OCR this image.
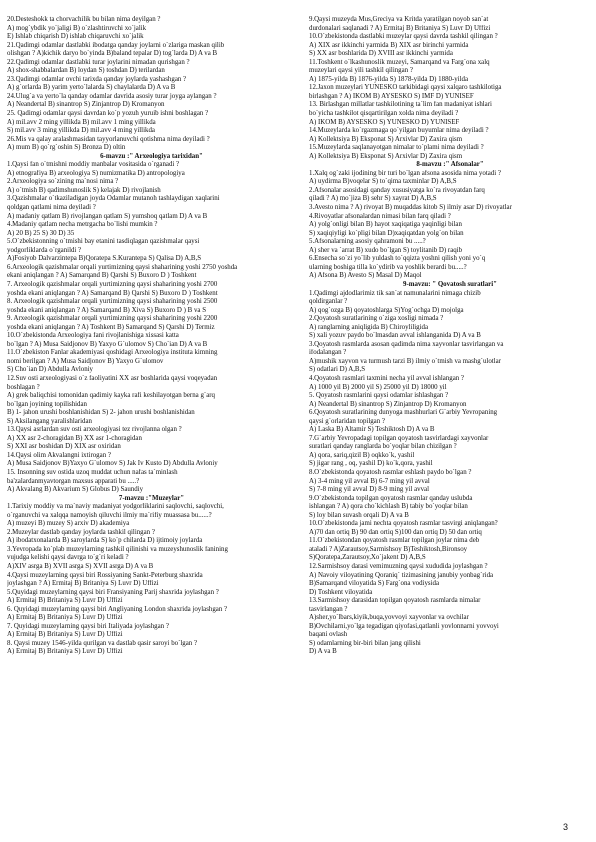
20.Desteshokk ta chorvachilik bu bilan nima deyilgan ?
A) mog`ybdik yo`jaligi B) o`zlashtiruvchi xo`jalik
E) Ishlab chiqarish D) ishlab chiqaruvchi xo`jalik
21.Qadimgi odamlar dastlabki ibodatga qanday joylarni o`zlariga maskan qilib
olishgan ? A)kichik daryo bo`yinda B)baland tepalar D) tog`larda D) A va B
22.Qadimgi odamlar dastlabki turar joylarini nimadan qurishgan ?
A) shox-shabbalardan B) loydan S) toshdan D) terilardan
23.Qadimgi odamlar ovchi tarixda qanday joylarda yashashgan ?
A) g`orlarda B) yarim yerto`lalarda S) chaylalarda D) A va B
24.Ulug`a va yerto`la qanday odamlar davrida asosiy turar joyga aylangan ?
A) Neandertal B) sinantrop S) Zinjantrop D) Kromanyon
25. Qadimgi odamlar qaysi davrdan ko`p yozuh yuruib ishni boshlagan ?
A) mil.avv 2 ming yillikda B) mil.avv 1 ming yillikda
S) mil.avv 3 ming yillikda D) mil.avv 4 ming yillikda
26.Mis va qalay aralashmasidan tayyorlanuvchi qotishma nima deyiladi ?
A) mum B) qo`rg`oshin S) Bronza D) oltin
6-mavzu :" Arxeologiya tarixidan"
1.Qaysi fan o`tmishni moddiy manbalar vositasida o`rganadi ?
A) etnografiya B) arxeologiya S) numizmatika D) antropologiya
2.Arxeologiya so`zining ma`nosi nima ?
A) o`tmish B) qadimshunoslik S) kelajak D) rivojlanish
3.Qazishmalar o`tkaziladigan joyda Odamlar mutanoh tashlaydigan xaqlarini
qoldgan qatlami nima deyiladi ?
A) madaniy qatlam B) rivojlangan qatlam S) yumshoq qatlam D) A va B
4.Madaniy qatlam necha metrgacha bo`lishi mumkin ?
A) 20 B) 25 S) 30 D) 35
5.O`zbekistonning o`tmishi bay etanini tasdiqlagan qazishmalar qaysi
yodgorliklarda o`rganildi ?
A)Fosiyob Dalvarzintepa B)Qoratepa S.Kurantepa S) Qalisa D) A,B,S
6.Arxeologik qazishmalar orqali yurtimizning qaysi shaharining yoshi 2750 yoshda
ekani aniqlangan ? A) Samarqand B) Qarshi S) Buxoro D ) Toshkent
7. Arxeologik qazishmalar orqali yurtimizning qaysi shaharining yoshi 2700
yoshda ekani aniqlangan ? A) Samarqand B) Qarshi S) Buxoro D ) Toshkent
8. Arxeologik qazishmalar orqali yurtimizning qaysi shaharining yoshi 2500
yoshda ekani aniqlangan ? A) Samarqand B) Xiva S) Buxoro D ) B va S
9. Arxeologik qazishmalar orqali yurtimizning qaysi shaharining yoshi 2200
yoshda ekani aniqlangan ? A) Toshkent B) Samarqand S) Qarshi D) Termiz
10.O`zbekistonda Arxeologiya fani rivojlanishiga xissasi katta
bo`lgan ? A) Musa Saidjonov B) Yaxyo G`ulomov S) Cho`ian D) A va B
11.O`zbekiston Fanlar akademiyasi qoshidagi Arxeologiya instituta kimning
nomi berilgan ? A) Musa Saidjonov B) Yaxyo G`ulomov
S) Cho`ian D) Abdulla Avloniy
12.Suv osti arxeologiyasi o`z faoliyatini XX asr boshlarida qaysi voqeyadan
boshlagan ?
A) grek baliqchisi tomonidan qadimiy kayka rafi keshilayotgan berna g`arq
bo`lgan joyining topilishidan
B) 1- jahon urushi boshlanishidan S) 2- jahon urushi boshlanishidan
S) Aksilangang yaralishlaridan
13.Qaysi asrlardan suv osti arxeologiyasi tez rivojlanna olgan ?
A) XX asr 2-choragidan B) XX asr 1-choragidan
S) XXI asr boshidan D) XIX asr oxiridan
14.Qaysi olim Akvalangni ixtirogan ?
A) Musa Saidjonov B)Yaxyo G`ulomov S) Jak Iv Kusto D) Abdulla Avloniy
15. Insonning suv ostida uzoq muddat uchun nafas ta`minlash
ba'zalardanmyavtorgan maxsus apparati bu .....?
A) Akvalang B) Akvarium S) Globus D) Saundiy
7-mavzu :"Muzeylar"
1.Tarixiy moddiy va ma`naviy madaniyat yodgorliklarini saqlovchi, saqlovchi,
o`rganuvchi va xalqqa namoyish qiluvchi ilmiy ma`rifiy muassasa bu......?
A) muzeyi B) muzey S) arxiv D) akademiya
2.Muzeylar dastlab qanday joylarda tashkil qilingan ?
A) ibodatxonalarda B) saroylarda S) ko`p chilarda D) ijtimoiy joylarda
3.Yevropada ko`plab muzeylarning tashkil qilinishi va muzeyshunoslik fanining
vujudga kelishi qaysi davrga to`g`ri keladi ?
A)XIV asrga B) XVII asrga S) XVII asrga D) A va B
4.Qaysi muzeylarning qaysi biri Rossiyaning Sankt-Peterburg shaxrida
joylashgan ? A) Ermitaj B) Britaniya S) Luvr D) Uffizi
5.Quyidagi muzeylarning qaysi biri Fransiyaning Parij shaxrida joylashgan ?
A) Ermitaj B) Britaniya S) Luvr D) Uffizi
6. Quyidagi muzeylarning qaysi biri Angliyaning London shaxrida joylashgan ?
A) Ermitaj B) Britaniya S) Luvr D) Uffizi
7. Quyidagi muzeylarning qaysi biri Italiyada joylashgan ?
A) Ermitaj B) Britaniya S) Luvr D) Uffizi
8. Qaysi muzey 1546-yilda qurilgan va dastlab qasir saroyi bo`lgan ?
A) Ermitaj B) Britaniya S) Luvr D) Uffizi
9.Qaysi muzeyda Mus,Greciya va Kritda yaratilgan noyob san`at
durdonalari saqlanadi ? A) Ermitaj B) Britaniya S) Luvr D) Uffizi
10.O`zbekistonda dastlabki muzeylar qaysi davrda tashkil qilingan ?
A) XIX asr ikkinchi yarmida B) XIX asr birinchi yarmida
S) XX asr boshlarida D) XVIII asr ikkinchi yarmida
11.Toshkent o`lkashunoslik muzeyi, Samarqand va Farg`ona xalq
muzeylari qaysi yili tashkil qilingan ?
A) 1875-yilda B) 1876-yilda S) 1878-yilda D) 1880-yilda
12.Jaxon muzeylari YUNESKO tarkibidagi qaysi xalqaro tashkilotiga
birlashgan ? A) IKOM B) AYSESKO S) IMF D) YUNISEF
13. Birlashgan millatlar tashkilotining ta`lim fan madaniyat ishlari
bo`yicha tashkilot qisqartirilgan xolda nima deyiladi ?
A) IKOM B) AYSESKO S) YUNESKO D) YUNISEF
14.Muzeylarda ko`rgazmaga qo`yilgan buyumlar nima deyiladi ?
A) Kollektsiya B) Eksponat S) Arxivlar D) Zaxira qism
15.Muzeylarda saqlanayotgan nimalar to`plami nima deyiladi ?
A) Kollektsiya B) Eksponat S) Arxivlar D) Zaxira qism
8-mavzu :" Afsonalar"
1.Xalq og`zaki ijodining bir turi bo`lgan afsona asosida nima yotadi ?
A) uydirma B)voqelar S) to`qima taxminlar D) A,B,S
2.Afsonalar asosidagi qanday xususiyatga ko`ra rivoyatdan farq
qiladi ? A) mo`jiza B) sehr S) xayrat D) A,B,S
3.Avesto nima ? A) rivoyat B) muqaddas kitob S) ilmiy asar D) rivoyatlar
4.Rivoyatlar afsonalardan nimasi bilan farq qiladi ?
A) yolg`onligi bilan B) hayot xaqiqatiga yaqinligi bilan
S) xaqiqiyligi ko`pligi bilan D)xaqiqatdan yolg`on bilan
5.Afsonalarning asosiy qahramoni bu .....?
A) sher va `arrat B) xudo bo`lgan S) toylitanib D) raqib
6.Ensecha so`zi yo`lib yuldash to`qqizta yoshni qilish yoni yo`q
ularning boshiga tilla ko`ydirib va yoshlik berardi bu.....?
A) Afsona B) Avesto S) Masal D) Maqol
9-mavzu: " Qovatosh suratlari"
1.Qadimgi ajdodlarimiz tik san`at namunalarini nimaga chizib
qoldirganlar ?
A) qog`ozga B) qoyatoshlarga S)Yog`ochga D) mojolga
2.Qoyatosh suratlarining o`ziga xosligi nimada ?
A) ranglarning aniqligida B) Chiroyliligida
S) xali yozuv paydo bo`lmasdan avval ishlanganida D) A va B
3.Qoyatosh rasmlarda asosan qadimda nima xayvonlar tasvirlangan va
ifodalangan ?
A)mushik xayvon va turmush tarzi B) ilmiy o`tmish va mashg`ulotlar
S) odatlari D) A,B,S
4.Qoyatosh rasmlari taxmini necha yil avval ishlangan ?
A) 1000 yil B) 2000 yil S) 25000 yil D) 18000 yil
5. Qoyatosh rasmlarini qaysi odamlar ishlashgan ?
A) Neandertal B) sinantrop S) Zinjantrop D) Kromanyon
6.Qoyatosh suratlarining dunyoga mashhurlari G`arbiy Yevropaning
qaysi g`orlaridan topilgan ?
A) Laska B) Altamir S) Teshiktosh D) A va B
7.G`arbiy Yevropadagi topilgan qoyatosh tasvirlardagi xayvonlar
suratlari qanday ranglarda bo`yoqlar bilan chizilgan ?
A) qora, sariq,qizil B) oqkko`k, yashil
S) jigar rang , oq, yashil D) ko`k,qora, yashil
8.O`zbekistonda qoyatosh rasmlar eshlash paydo bo`lgan ?
A) 3-4 ming yil avval B) 6-7 ming yil avval
S) 7-8 ming yil avval D) 8-9 ming yil avval
9.O`zbekistonda topilgan qoyatosh rasmlar qanday uslubda
ishlangan ? A) qora cho`kichlash B) tabiy bo`yoqlar bilan
S) loy bilan suvash orqali D) A va B
10.O`zbekistonda jami nechta qoyatosh rasmlar tasvirgi aniqlangan?
A)70 dan ortiq B) 90 dan ortiq S)100 dan ortiq D) 50 dan ortiq
11.O`zbekistondan qoyatosh rasmlar topilgan joylar nima deb
ataladi ? A)Zarautsoy,Sarmishsoy B)Teshiktosh,Bironsoy
S)Qoratepa,Zarautsoy,Xo`jakent D) A,B,S
12.Sarmishsoy darasi vemimuzning qaysi xududida joylashgan ?
A) Navoiy viloyatining Qoraniq` tizimasining janubiy yonbag`rida
B)Samarqand viloyatida S) Farg`ona vodiysida
D) Toshkent viloyatida
13.Sarmishsoy darasidan topilgan qoyatosh rasmlarda nimalar
tasvirlangan ?
A)sher,yo`lbars,kiyik,buqa,yovvoyi xayvonlar va ovchilar
B)Ovchilarni,yo`lga tegadigan qiyofasi,qatlanli yovlonnarni yovvoyi
baqani ovlash
S) odamlarning bir-biri bilan jang qilishi
D) A va B
3
